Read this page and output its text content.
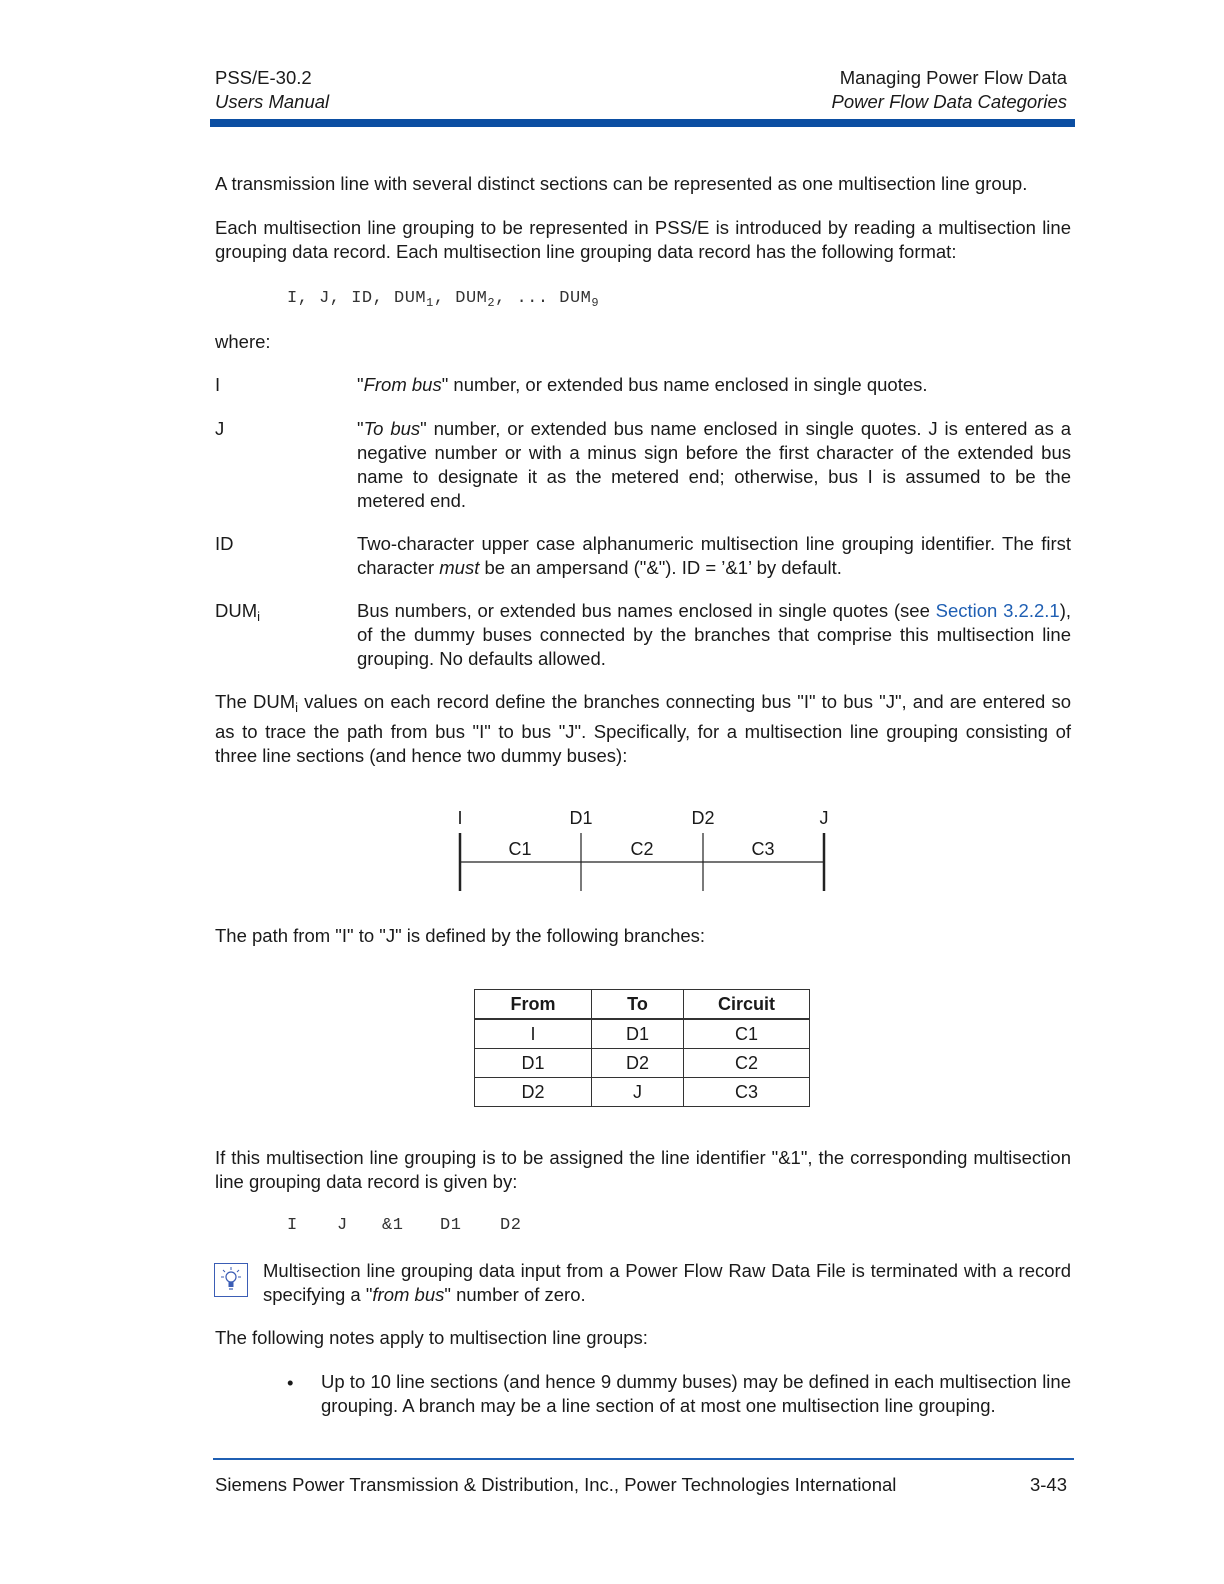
PSS/E-30.2
Users Manual
Managing Power Flow Data
Power Flow Data Categories
A transmission line with several distinct sections can be represented as one multisection line group.
Each multisection line grouping to be represented in PSS/E is introduced by reading a multisection line grouping data record. Each multisection line grouping data record has the following format:
I, J, ID, $DUM_1$, $DUM_2$, ... $DUM_9$
where:
I	"From bus" number, or extended bus name enclosed in single quotes.
J	"To bus" number, or extended bus name enclosed in single quotes. J is entered as a negative number or with a minus sign before the first character of the extended bus name to designate it as the metered end; otherwise, bus I is assumed to be the metered end.
ID	Two-character upper case alphanumeric multisection line grouping identifier. The first character must be an ampersand ("&"). ID = ’&1’ by default.
$DUM_i$	Bus numbers, or extended bus names enclosed in single quotes (see Section 3.2.2.1), of the dummy buses connected by the branches that comprise this multisection line grouping. No defaults allowed.
The $DUM_i$ values on each record define the branches connecting bus "I" to bus "J", and are entered so as to trace the path from bus "I" to bus "J". Specifically, for a multisection line grouping consisting of three line sections (and hence two dummy buses):
I	D1	D2	J
C1	C2	C3
The path from "I" to "J" is defined by the following branches:
From	To	Circuit
I	D1	C1
D1	D2	C2
D2	J	C3
If this multisection line grouping is to be assigned the line identifier "&1", the corresponding multisection line grouping data record is given by:
I J &1 D1 D2
Multisection line grouping data input from a Power Flow Raw Data File is terminated with a record specifying a "from bus" number of zero.
The following notes apply to multisection line groups:
• Up to 10 line sections (and hence 9 dummy buses) may be defined in each multisection line grouping. A branch may be a line section of at most one multisection line grouping.
Siemens Power Transmission & Distribution, Inc., Power Technologies International	3-43
